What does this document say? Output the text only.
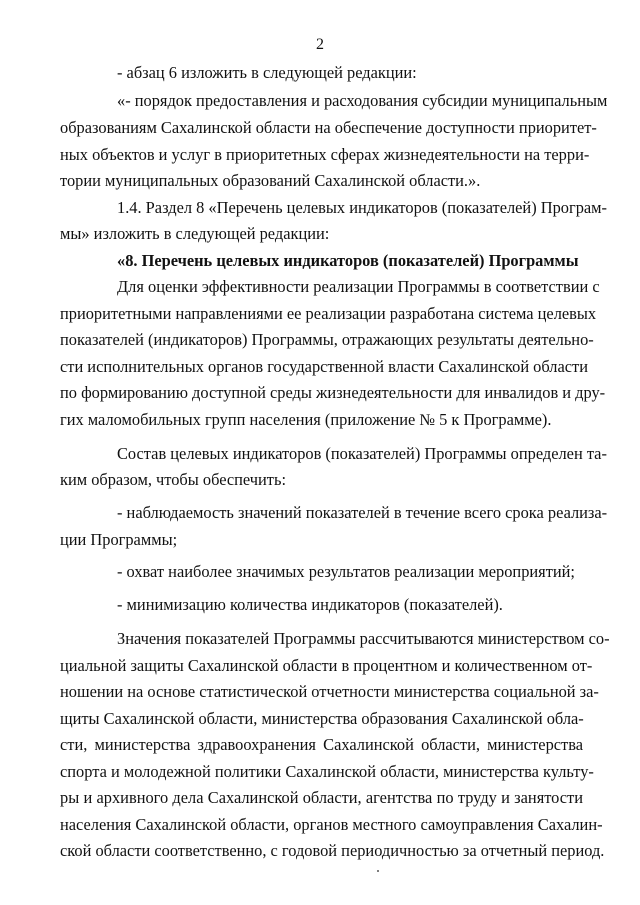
2
- абзац 6 изложить в следующей редакции:
«- порядок предоставления и расходования субсидии муниципальным
образованиям Сахалинской области на обеспечение доступности приоритет-
ных объектов и услуг в приоритетных сферах жизнедеятельности на терри-
тории муниципальных образований Сахалинской области.».
1.4. Раздел 8 «Перечень целевых индикаторов (показателей) Програм-
мы» изложить в следующей редакции:
«8. Перечень целевых индикаторов (показателей) Программы
Для оценки эффективности реализации Программы в соответствии с
приоритетными направлениями ее реализации разработана система целевых
показателей (индикаторов) Программы, отражающих результаты деятельно-
сти исполнительных органов государственной власти Сахалинской области
по формированию доступной среды жизнедеятельности для инвалидов и дру-
гих маломобильных групп населения (приложение № 5 к Программе).
Состав целевых индикаторов (показателей) Программы определен та-
ким образом, чтобы обеспечить:
- наблюдаемость значений показателей в течение всего срока реализа-
ции Программы;
- охват наиболее значимых результатов реализации мероприятий;
- минимизацию количества индикаторов (показателей).
Значения показателей Программы рассчитываются министерством со-
циальной защиты Сахалинской области в процентном и количественном от-
ношении на основе статистической отчетности министерства социальной за-
щиты Сахалинской области, министерства образования Сахалинской обла-
сти, министерства здравоохранения Сахалинской области, министерства
спорта и молодежной политики Сахалинской области, министерства культу-
ры и архивного дела Сахалинской области, агентства по труду и занятости
населения Сахалинской области, органов местного самоуправления Сахалин-
ской области соответственно, с годовой периодичностью за отчетный период.
